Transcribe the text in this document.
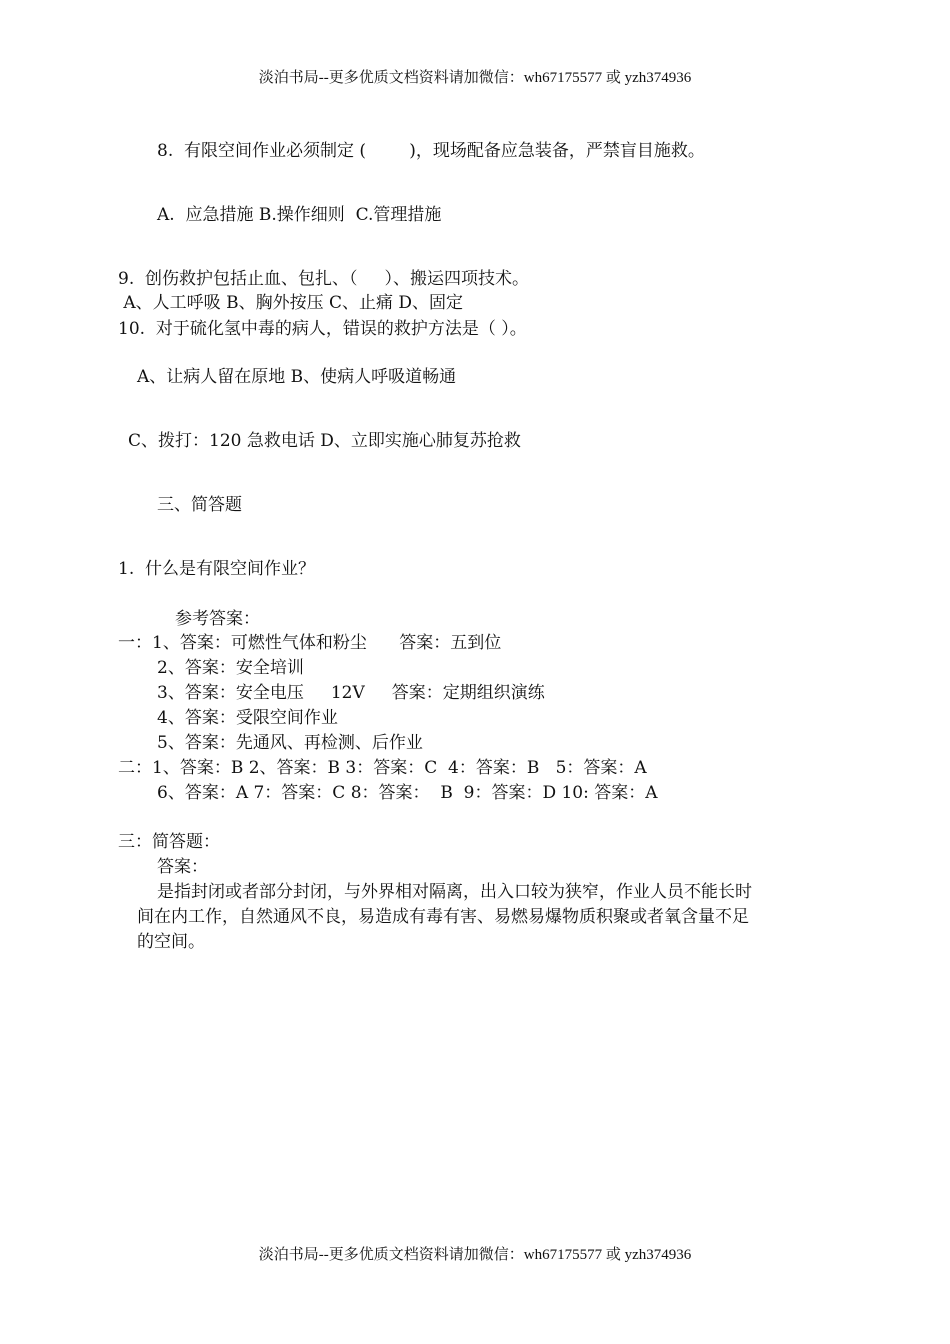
淡泊书局--更多优质文档资料请加微信：wh67175577 或 yzh374936
8.  有限空间作业必须制定 (        )，现场配备应急装备，严禁盲目施救。
A.  应急措施 B.操作细则  C.管理措施
9.  创伤救护包括止血、包扎、（     ）、搬运四项技术。
A、人工呼吸 B、胸外按压 C、止痛 D、固定
10.  对于硫化氢中毒的病人，错误的救护方法是（ ）。
A、让病人留在原地 B、使病人呼吸道畅通
C、拨打：120 急救电话 D、立即实施心肺复苏抢救
三、简答题
1.  什么是有限空间作业？
参考答案：
一：1、答案：可燃性气体和粉尘      答案：五到位
2、答案：安全培训
3、答案：安全电压     12V     答案：定期组织演练
4、答案：受限空间作业
5、答案：先通风、再检测、后作业
二：1、答案：B 2、答案：B 3：答案：C  4：答案：B   5：答案：A
6、答案：A 7：答案：C 8：答案：  B  9：答案：D 10: 答案：A
三：简答题：
答案：
是指封闭或者部分封闭，与外界相对隔离，出入口较为狭窄，作业人员不能长时
间在内工作，自然通风不良，易造成有毒有害、易燃易爆物质积聚或者氧含量不足
的空间。
淡泊书局--更多优质文档资料请加微信：wh67175577 或 yzh374936
